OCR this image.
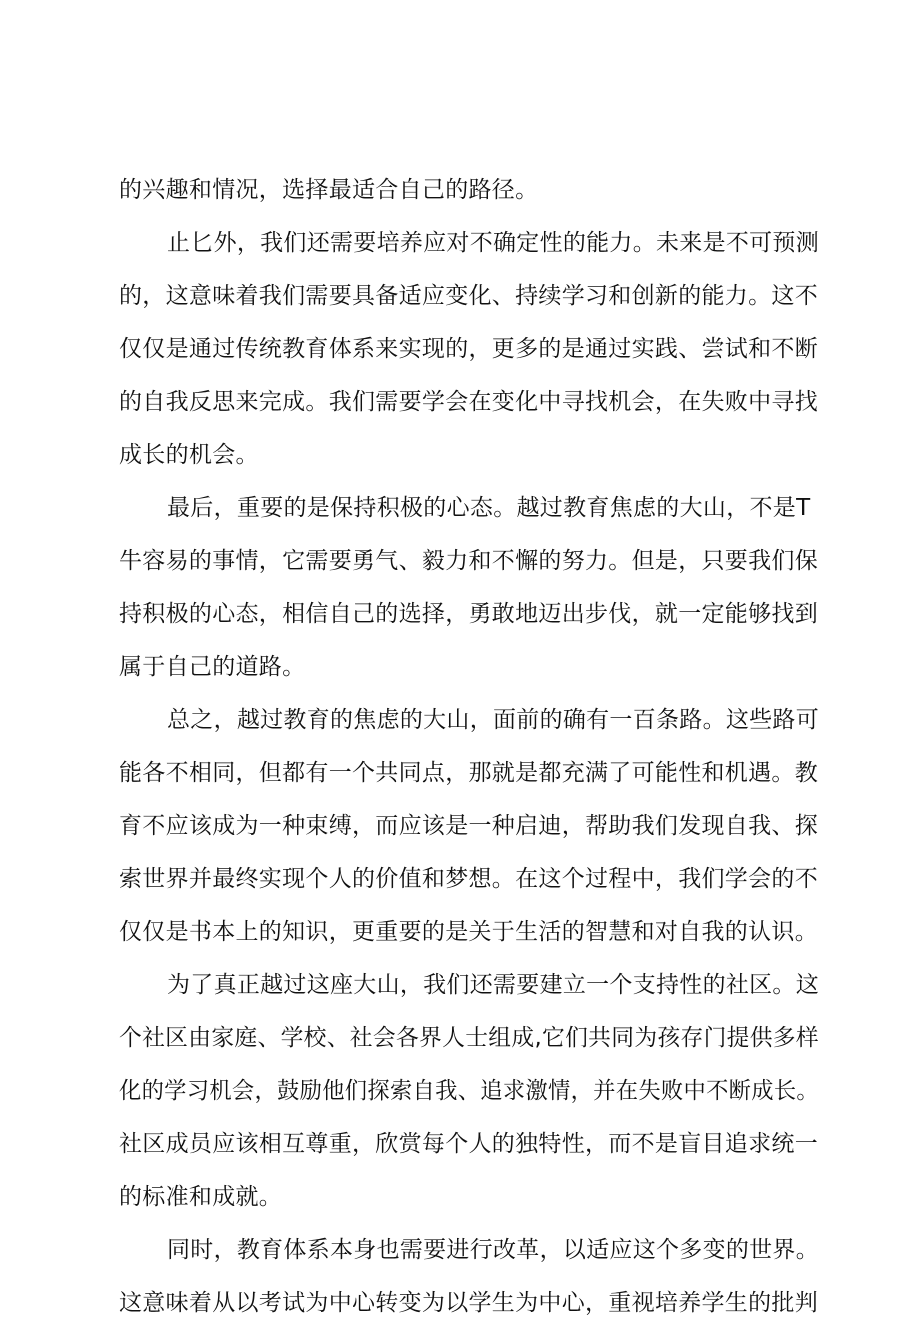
的兴趣和情况，选择最适合自己的路径。
止匕外，我们还需要培养应对不确定性的能力。未来是不可预测
的，这意味着我们需要具备适应变化、持续学习和创新的能力。这不
仅仅是通过传统教育体系来实现的，更多的是通过实践、尝试和不断
的自我反思来完成。我们需要学会在变化中寻找机会，在失败中寻找
成长的机会。
最后，重要的是保持积极的心态。越过教育焦虑的大山，不是T
牛容易的事情，它需要勇气、毅力和不懈的努力。但是，只要我们保
持积极的心态，相信自己的选择，勇敢地迈出步伐，就一定能够找到
属于自己的道路。
总之，越过教育的焦虑的大山，面前的确有一百条路。这些路可
能各不相同，但都有一个共同点，那就是都充满了可能性和机遇。教
育不应该成为一种束缚，而应该是一种启迪，帮助我们发现自我、探
索世界并最终实现个人的价值和梦想。在这个过程中，我们学会的不
仅仅是书本上的知识，更重要的是关于生活的智慧和对自我的认识。
为了真正越过这座大山，我们还需要建立一个支持性的社区。这
个社区由家庭、学校、社会各界人士组成,它们共同为孩存门提供多样
化的学习机会，鼓励他们探索自我、追求激情，并在失败中不断成长。
社区成员应该相互尊重，欣赏每个人的独特性，而不是盲目追求统一
的标准和成就。
同时，教育体系本身也需要进行改革，以适应这个多变的世界。
这意味着从以考试为中心转变为以学生为中心，重视培养学生的批判
